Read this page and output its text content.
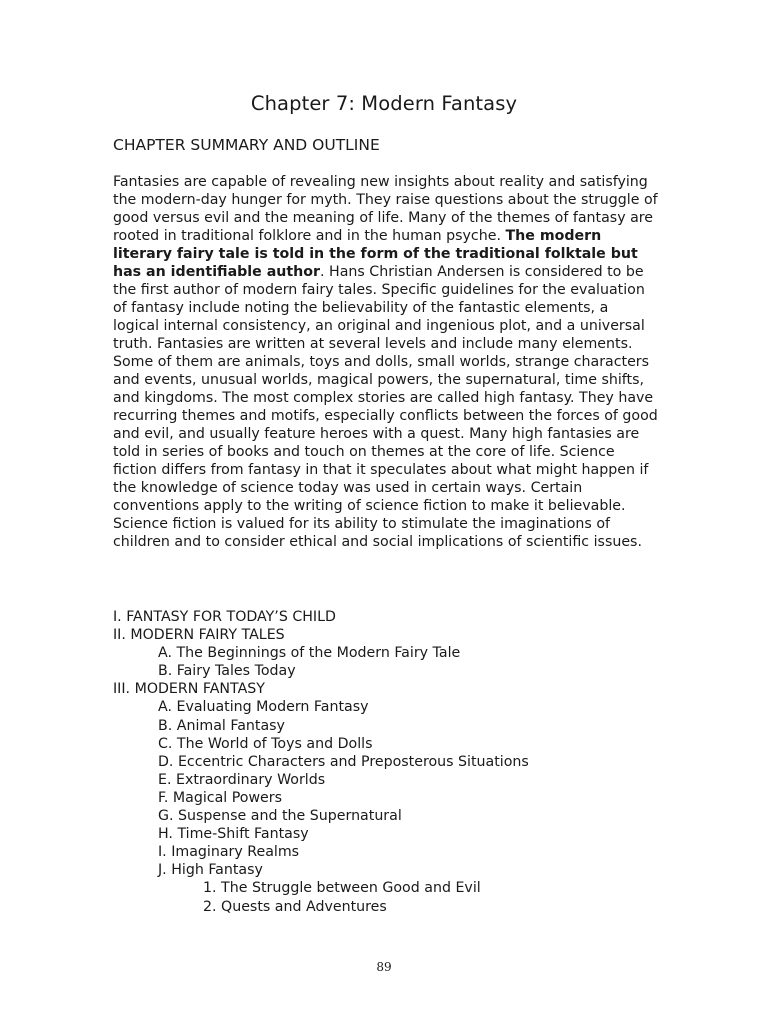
Chapter 7: Modern Fantasy
CHAPTER SUMMARY AND OUTLINE

Fantasies are capable of revealing new insights about reality and satisfying the modern-day hunger for myth. They raise questions about the struggle of good versus evil and the meaning of life. Many of the themes of fantasy are rooted in traditional folklore and in the human psyche. The modern literary fairy tale is told in the form of the traditional folktale but has an identifiable author. Hans Christian Andersen is considered to be the first author of modern fairy tales. Specific guidelines for the evaluation of fantasy include noting the believability of the fantastic elements, a logical internal consistency, an original and ingenious plot, and a universal truth. Fantasies are written at several levels and include many elements. Some of them are animals, toys and dolls, small worlds, strange characters and events, unusual worlds, magical powers, the supernatural, time shifts, and kingdoms. The most complex stories are called high fantasy. They have recurring themes and motifs, especially conflicts between the forces of good and evil, and usually feature heroes with a quest. Many high fantasies are told in series of books and touch on themes at the core of life. Science fiction differs from fantasy in that it speculates about what might happen if the knowledge of science today was used in certain ways. Certain conventions apply to the writing of science fiction to make it believable. Science fiction is valued for its ability to stimulate the imaginations of children and to consider ethical and social implications of scientific issues.

I. FANTASY FOR TODAY’S CHILD
II. MODERN FAIRY TALES
A. The Beginnings of the Modern Fairy Tale
B. Fairy Tales Today
III. MODERN FANTASY
A. Evaluating Modern Fantasy
B. Animal Fantasy
C. The World of Toys and Dolls
D. Eccentric Characters and Preposterous Situations
E. Extraordinary Worlds
F. Magical Powers
G. Suspense and the Supernatural
H. Time-Shift Fantasy
I. Imaginary Realms
J. High Fantasy
1. The Struggle between Good and Evil
2. Quests and Adventures
89
